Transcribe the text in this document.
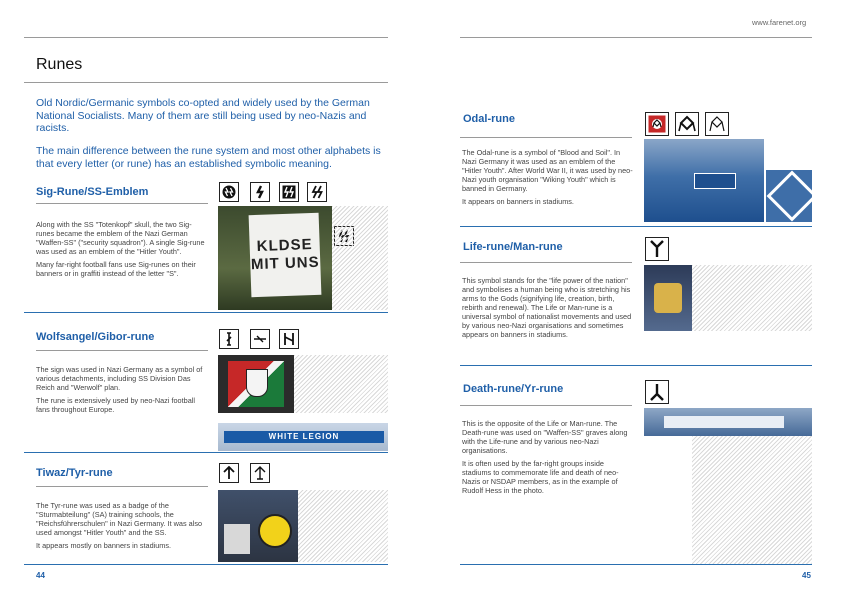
Runes
Old Nordic/Germanic symbols co-opted and widely used by the German National Socialists. Many of them are still being used by neo-Nazis and racists.
The main difference between the rune system and most other alphabets is that every letter (or rune) has an established symbolic meaning.
Sig-Rune/SS-Emblem

Along with the SS "Totenkopf" skull, the two Sig-runes became the emblem of the Nazi German "Waffen-SS" ("security squadron"). A single Sig-rune was used as an emblem of the "Hitler Youth".

Many far-right football fans use Sig-runes on their banners or in graffiti instead of the letter "S".

KLDSE MIT UNS
Wolfsangel/Gibor-rune

The sign was used in Nazi Germany as a symbol of various detachments, including SS Division Das Reich and "Werwolf" plan.

The rune is extensively used by neo-Nazi football fans throughout Europe.

WHITE LEGION
Tiwaz/Tyr-rune

The Tyr-rune was used as a badge of the "Sturmabteilung" (SA) training schools, the "Reichsführerschulen" in Nazi Germany. It was also used amongst "Hitler Youth" and the SS.

It appears mostly on banners in stadiums.

44
www.farenet.org
Odal-rune

The Odal-rune is a symbol of "Blood and Soil". In Nazi Germany it was used as an emblem of the "Hitler Youth". After World War II, it was used by neo-Nazi youth organisation "Wiking Youth" which is banned in Germany.

It appears on banners in stadiums.

Life-rune/Man-rune

This symbol stands for the "life power of the nation" and symbolises a human being who is stretching his arms to the Gods (signifying life, creation, birth, rebirth and renewal). The Life or Man-rune is a universal symbol of nationalist movements and used by various neo-Nazi organisations and sometimes appears on banners in stadiums.

Death-rune/Yr-rune

This is the opposite of the Life or Man-rune. The Death-rune was used on "Waffen-SS" graves along with the Life-rune and by various neo-Nazi organisations.

It is often used by the far-right groups inside stadiums to commemorate life and death of neo-Nazis or NSDAP members, as in the example of Rudolf Hess in the photo.

45
